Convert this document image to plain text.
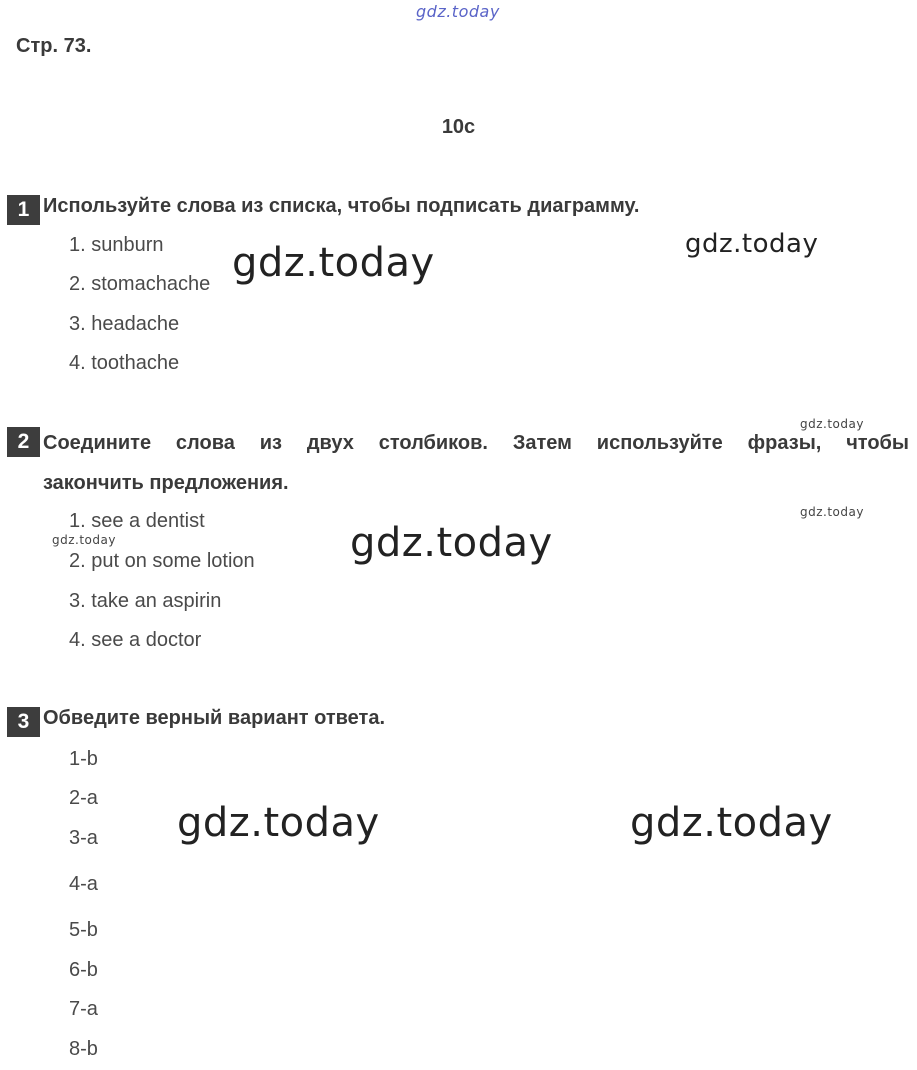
gdz.today
Стр. 73.
10c
1 Используйте слова из списка, чтобы подписать диаграмму.
1. sunburn
2. stomachache
3. headache
4. toothache
gdz.today	gdz.today
2 Соедините слова из двух столбиков. Затем используйте фразы, чтобы
закончить предложения.
gdz.today
gdz.today
gdz.today
1. see a dentist
2. put on some lotion
3. take an aspirin
4. see a doctor
gdz.today
3 Обведите верный вариант ответа.
1-b
2-a
3-a
4-a
5-b
6-b
7-a
8-b
gdz.today	gdz.today
